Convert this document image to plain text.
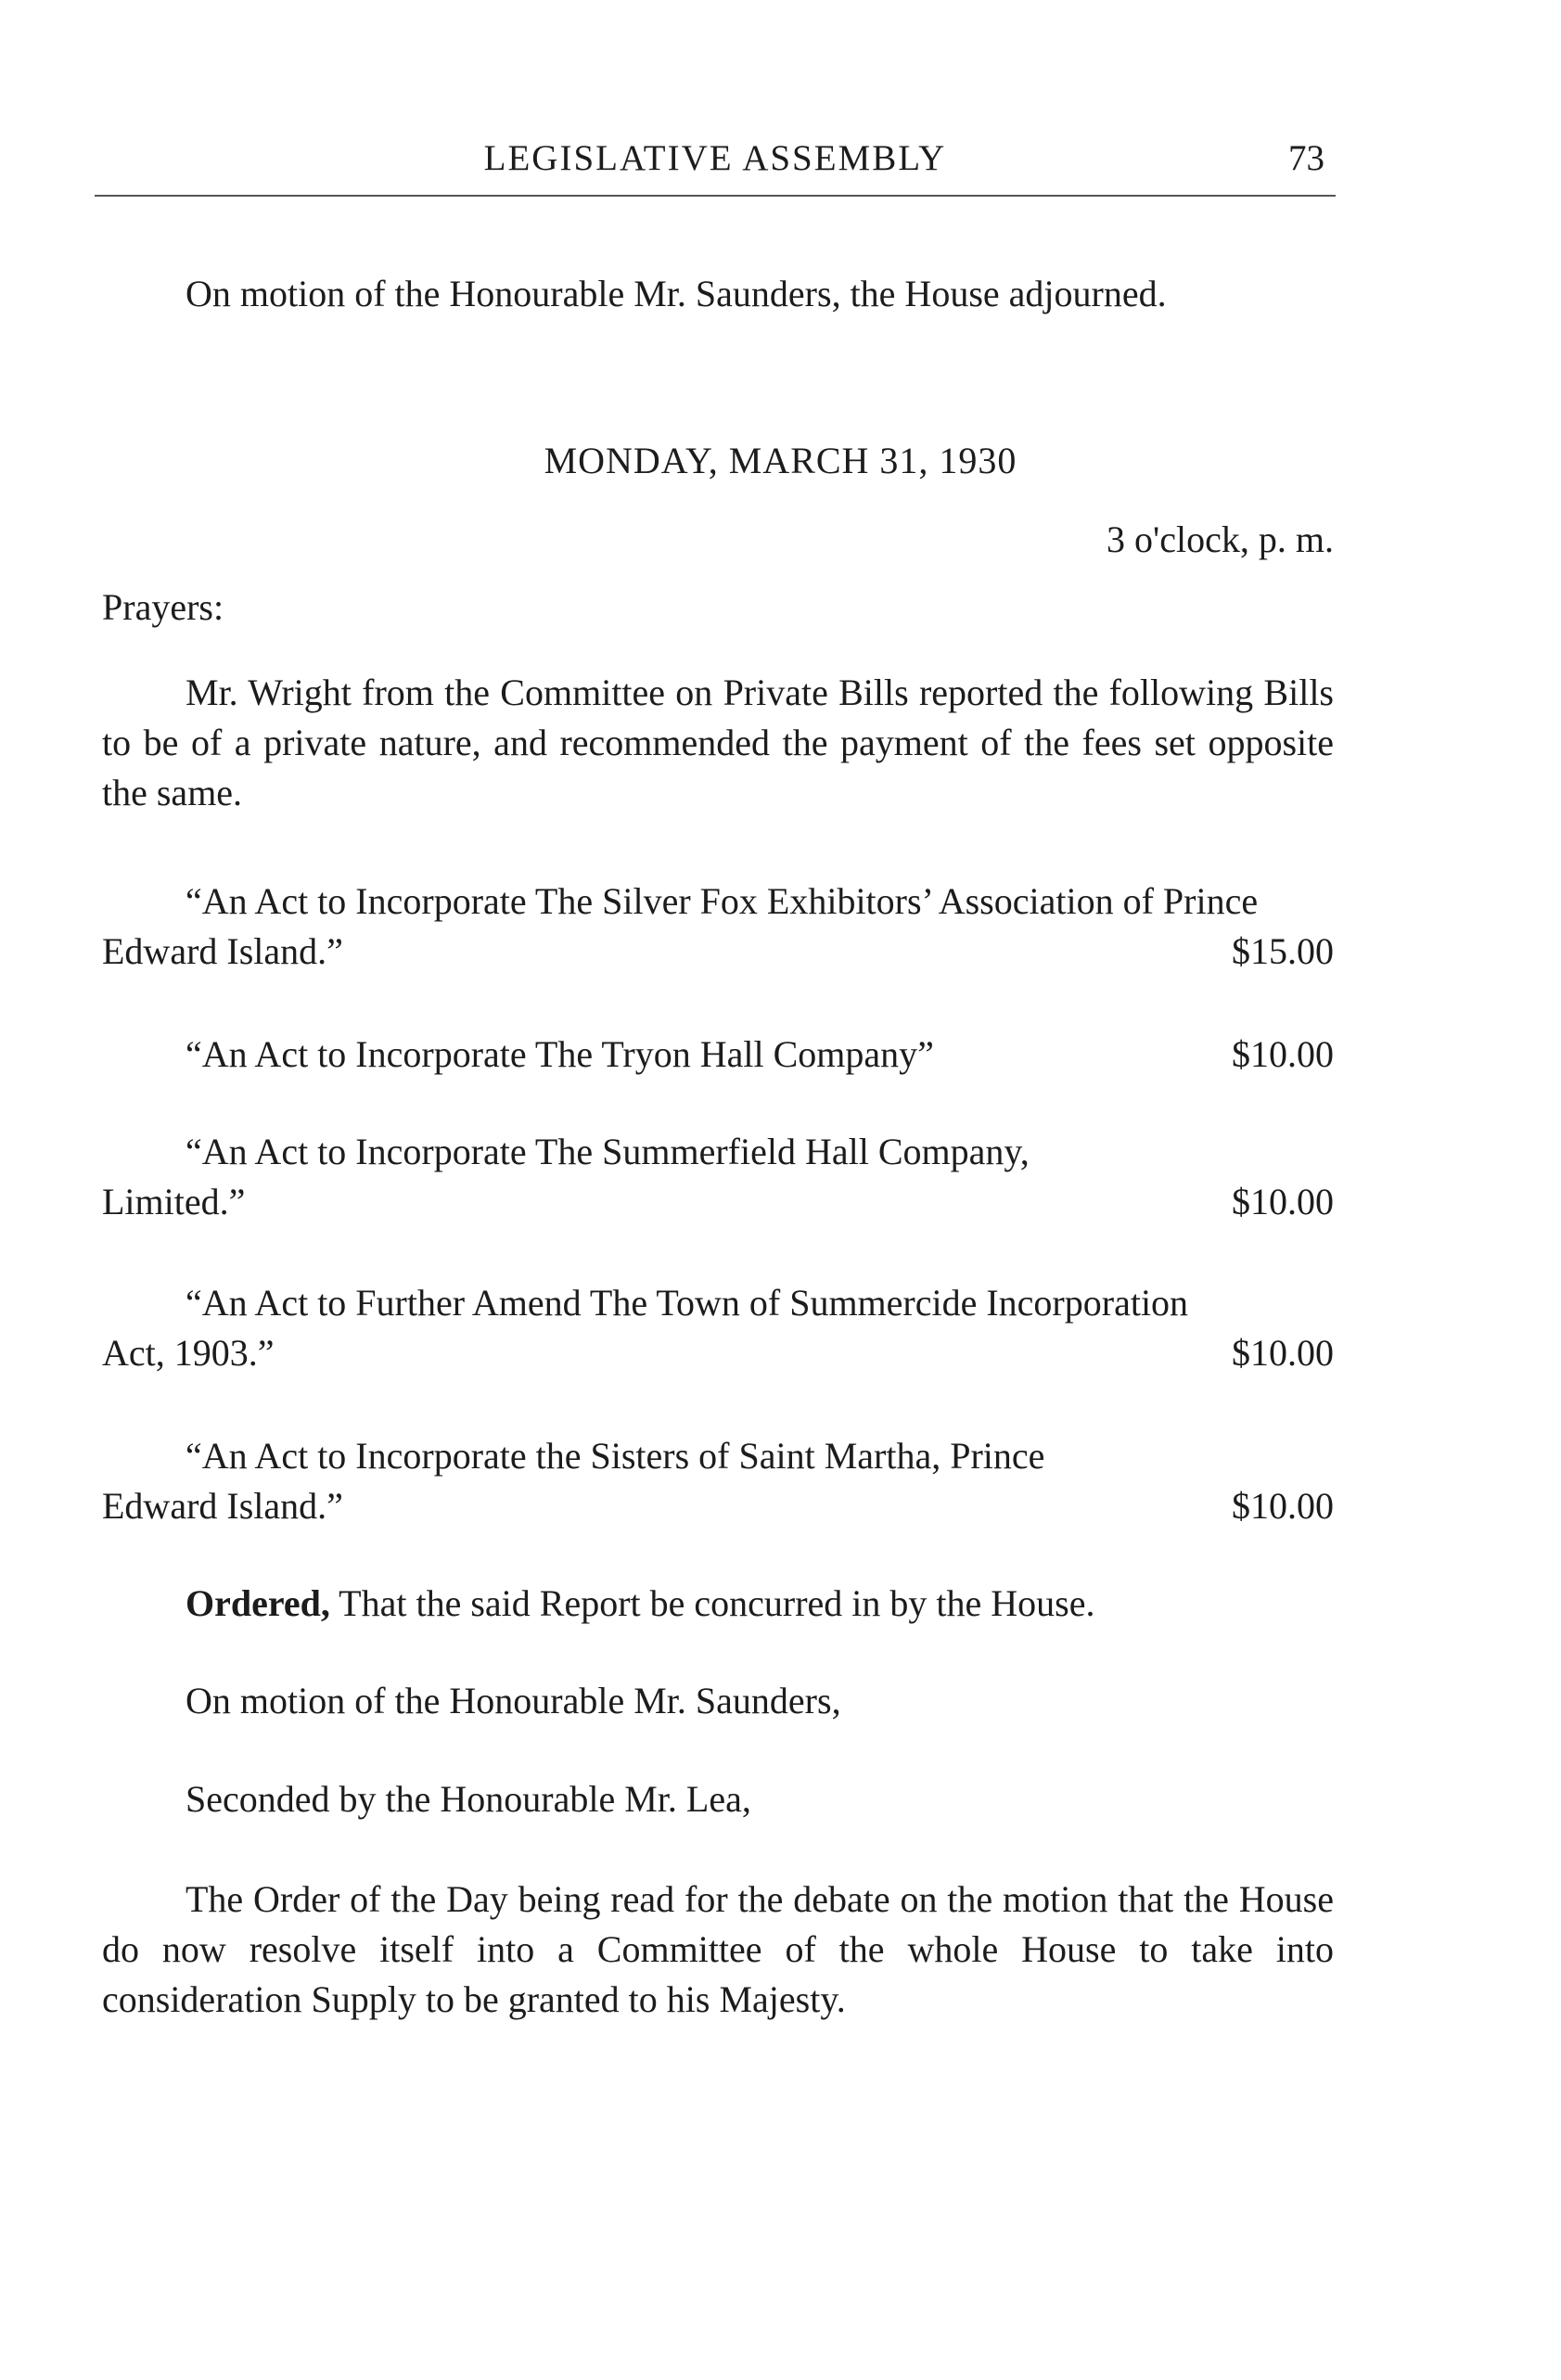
LEGISLATIVE ASSEMBLY	73
On motion of the Honourable Mr. Saunders, the House adjourned.
MONDAY, MARCH 31, 1930
3 o'clock, p. m.
Prayers:
Mr. Wright from the Committee on Private Bills reported the following Bills to be of a private nature, and recommended the payment of the fees set opposite the same.
“An Act to Incorporate The Silver Fox Exhibitors’ Association of Prince
Edward Island.”	$15.00
“An Act to Incorporate The Tryon Hall Company”	$10.00
“An Act to Incorporate The Summerfield Hall Company,
Limited.”	$10.00
“An Act to Further Amend The Town of Summercide Incorporation
Act, 1903.”	$10.00
“An Act to Incorporate the Sisters of Saint Martha, Prince
Edward Island.”	$10.00
Ordered, That the said Report be concurred in by the House.
On motion of the Honourable Mr. Saunders,
Seconded by the Honourable Mr. Lea,
The Order of the Day being read for the debate on the motion that the House do now resolve itself into a Committee of the whole House to take into consideration Supply to be granted to his Majesty.
